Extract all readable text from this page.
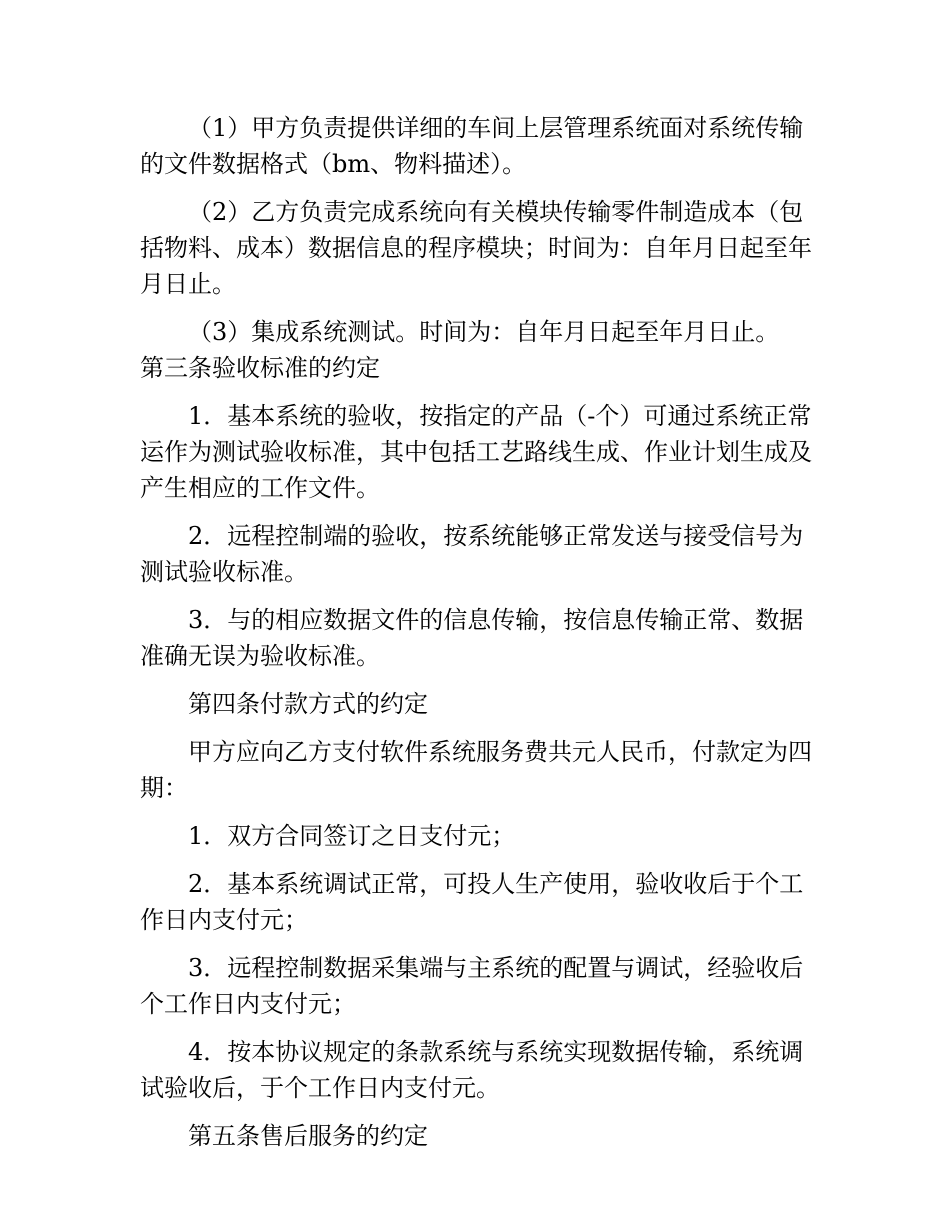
（1）甲方负责提供详细的车间上层管理系统面对系统传输的文件数据格式（bm、物料描述）。

（2）乙方负责完成系统向有关模块传输零件制造成本（包括物料、成本）数据信息的程序模块；时间为：自年月日起至年月日止。

（3）集成系统测试。时间为：自年月日起至年月日止。

第三条验收标准的约定

1．基本系统的验收，按指定的产品（-个）可通过系统正常运作为测试验收标准，其中包括工艺路线生成、作业计划生成及产生相应的工作文件。

2．远程控制端的验收，按系统能够正常发送与接受信号为测试验收标准。

3．与的相应数据文件的信息传输，按信息传输正常、数据准确无误为验收标准。

第四条付款方式的约定

甲方应向乙方支付软件系统服务费共元人民币，付款定为四期：

1．双方合同签订之日支付元；

2．基本系统调试正常，可投人生产使用，验收收后于个工作日内支付元；

3．远程控制数据采集端与主系统的配置与调试，经验收后个工作日内支付元；

4．按本协议规定的条款系统与系统实现数据传输，系统调试验收后，于个工作日内支付元。

第五条售后服务的约定
